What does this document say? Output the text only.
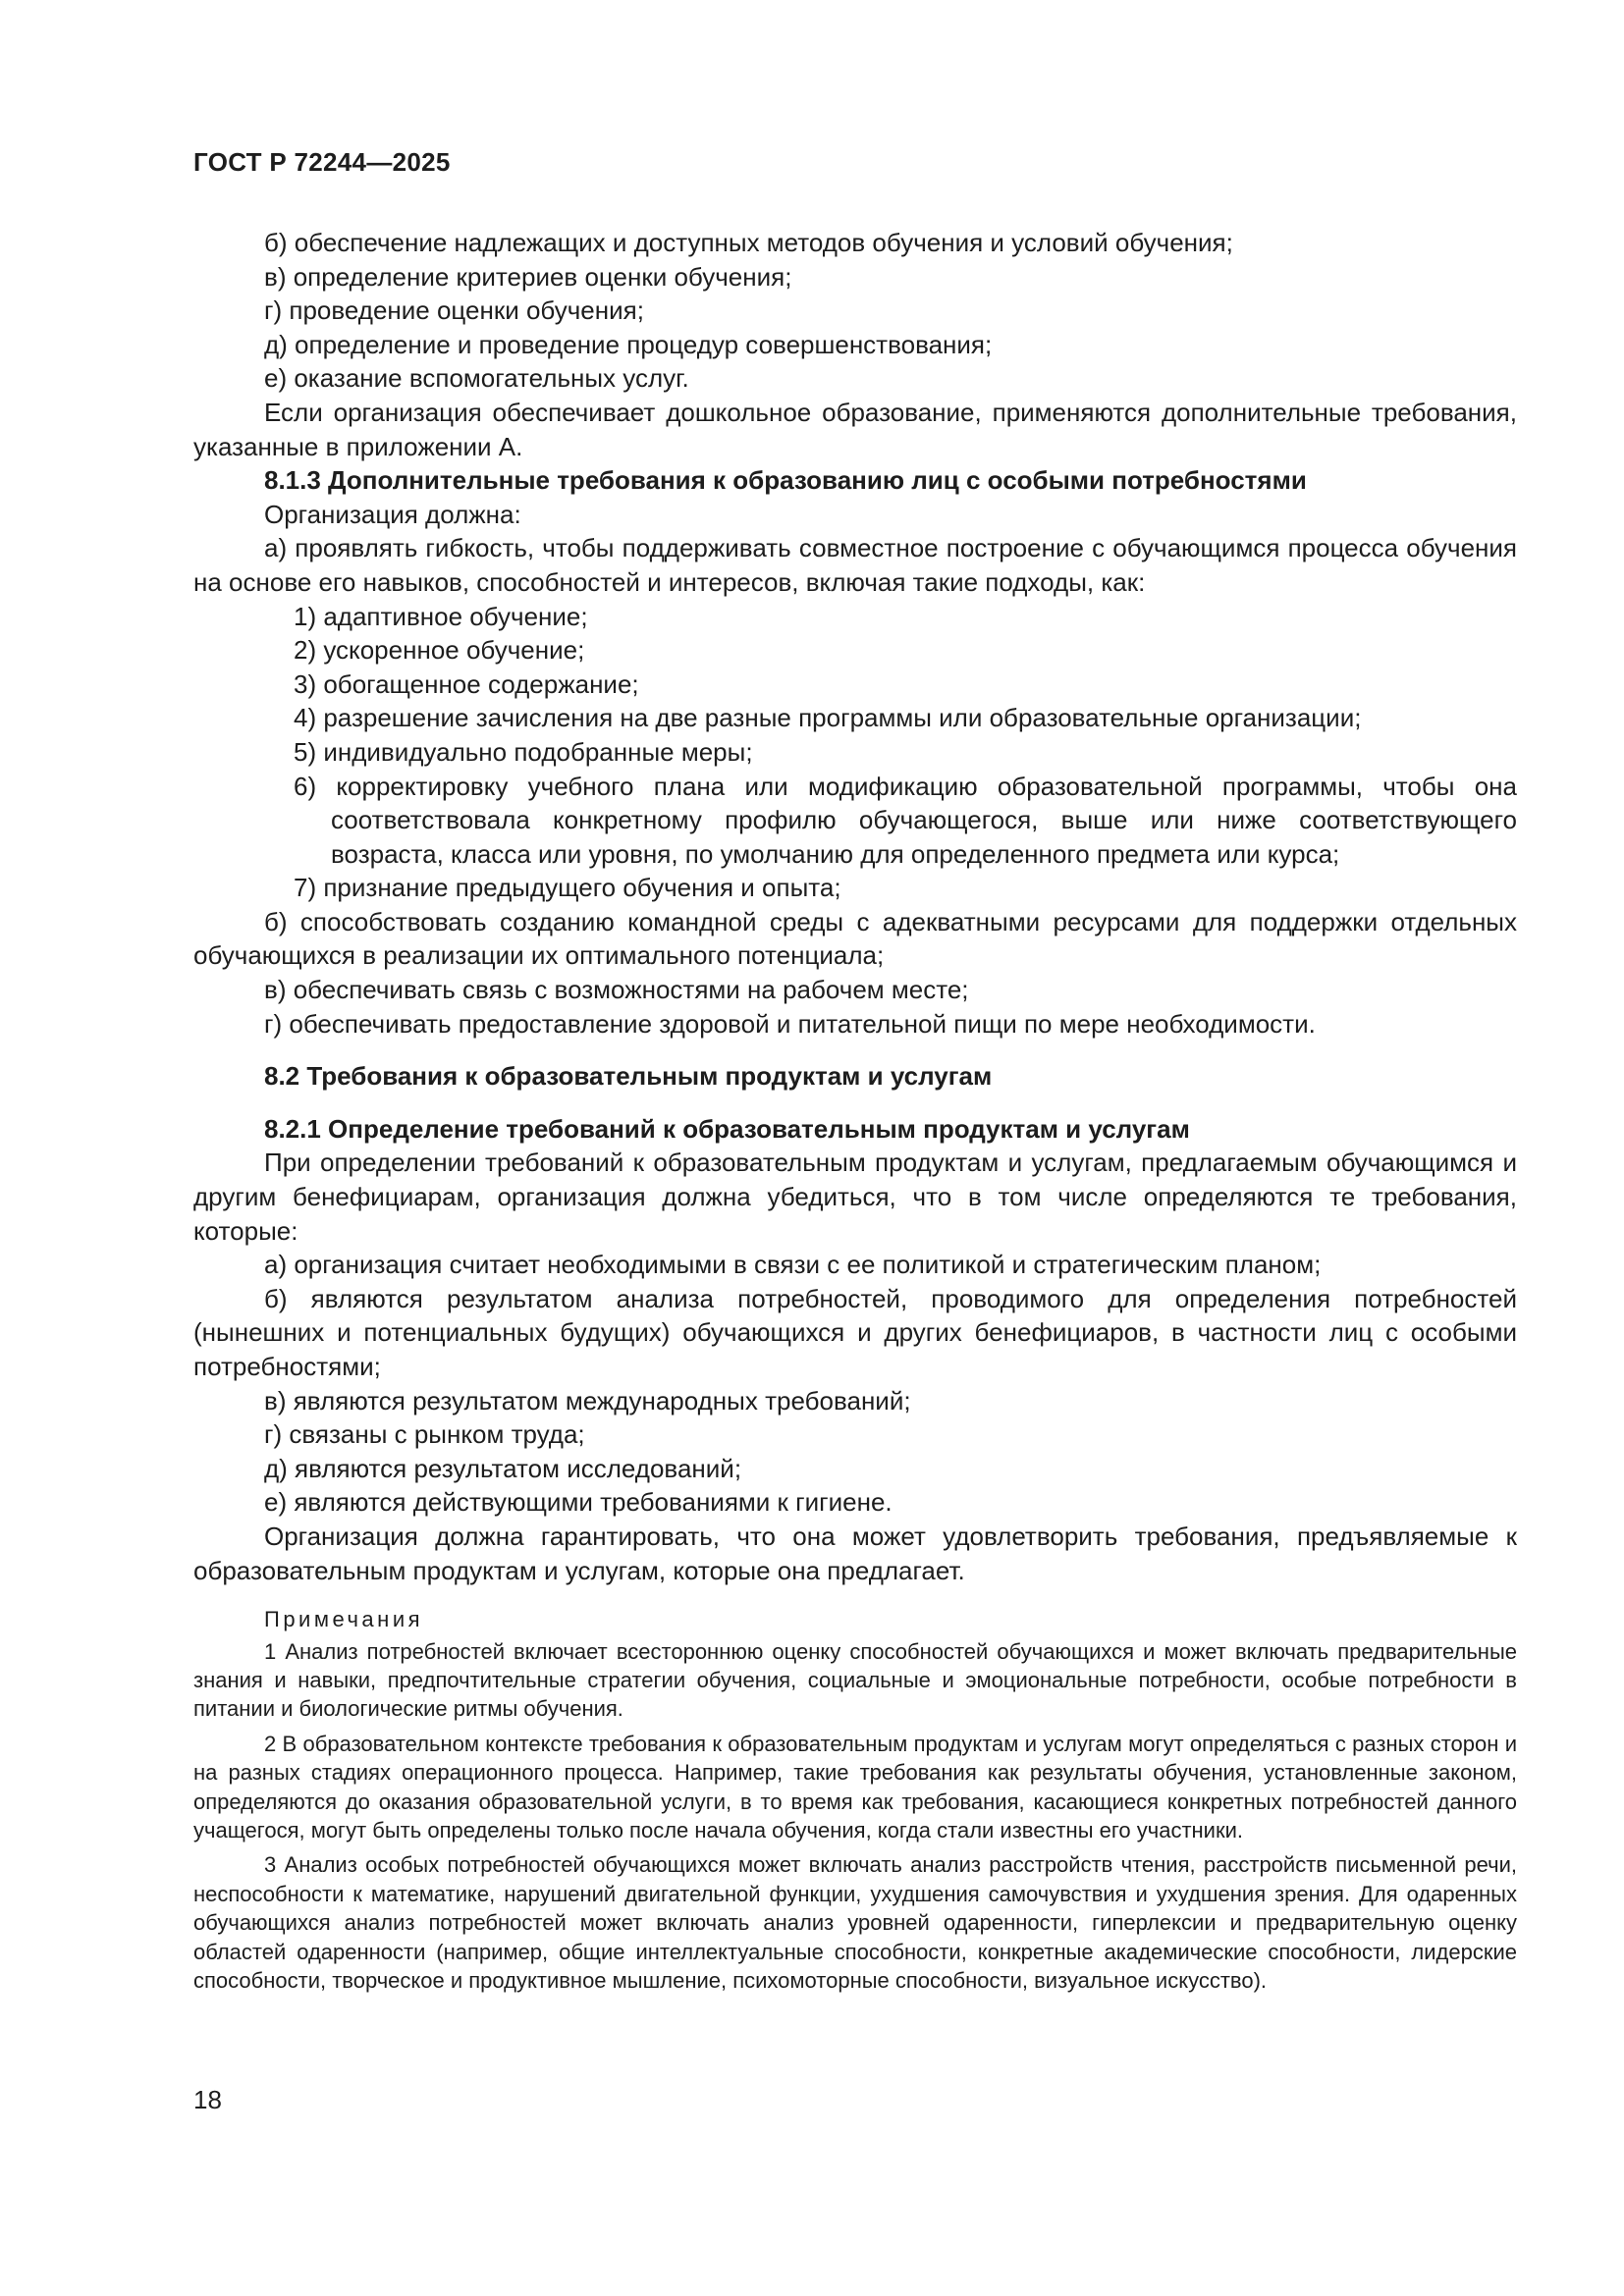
ГОСТ Р 72244—2025

б) обеспечение надлежащих и доступных методов обучения и условий обучения;

в) определение критериев оценки обучения;

г) проведение оценки обучения;

д) определение и проведение процедур совершенствования;

е) оказание вспомогательных услуг.

Если организация обеспечивает дошкольное образование, применяются дополнительные требования, указанные в приложении А.

8.1.3 Дополнительные требования к образованию лиц с особыми потребностями

Организация должна:

а) проявлять гибкость, чтобы поддерживать совместное построение с обучающимся процесса обучения на основе его навыков, способностей и интересов, включая такие подходы, как:

1) адаптивное обучение;

2) ускоренное обучение;

3) обогащенное содержание;

4) разрешение зачисления на две разные программы или образовательные организации;

5) индивидуально подобранные меры;

6) корректировку учебного плана или модификацию образовательной программы, чтобы она соответствовала конкретному профилю обучающегося, выше или ниже соответствующего возраста, класса или уровня, по умолчанию для определенного предмета или курса;

7) признание предыдущего обучения и опыта;

б) способствовать созданию командной среды с адекватными ресурсами для поддержки отдельных обучающихся в реализации их оптимального потенциала;

в) обеспечивать связь с возможностями на рабочем месте;

г) обеспечивать предоставление здоровой и питательной пищи по мере необходимости.

8.2 Требования к образовательным продуктам и услугам

8.2.1 Определение требований к образовательным продуктам и услугам

При определении требований к образовательным продуктам и услугам, предлагаемым обучающимся и другим бенефициарам, организация должна убедиться, что в том числе определяются те требования, которые:

а) организация считает необходимыми в связи с ее политикой и стратегическим планом;

б) являются результатом анализа потребностей, проводимого для определения потребностей (нынешних и потенциальных будущих) обучающихся и других бенефициаров, в частности лиц с особыми потребностями;

в) являются результатом международных требований;

г) связаны с рынком труда;

д) являются результатом исследований;

е) являются действующими требованиями к гигиене.

Организация должна гарантировать, что она может удовлетворить требования, предъявляемые к образовательным продуктам и услугам, которые она предлагает.

Примечания

1 Анализ потребностей включает всестороннюю оценку способностей обучающихся и может включать предварительные знания и навыки, предпочтительные стратегии обучения, социальные и эмоциональные потребности, особые потребности в питании и биологические ритмы обучения.

2 В образовательном контексте требования к образовательным продуктам и услугам могут определяться с разных сторон и на разных стадиях операционного процесса. Например, такие требования как результаты обучения, установленные законом, определяются до оказания образовательной услуги, в то время как требования, касающиеся конкретных потребностей данного учащегося, могут быть определены только после начала обучения, когда стали известны его участники.

3 Анализ особых потребностей обучающихся может включать анализ расстройств чтения, расстройств письменной речи, неспособности к математике, нарушений двигательной функции, ухудшения самочувствия и ухудшения зрения. Для одаренных обучающихся анализ потребностей может включать анализ уровней одаренности, гиперлексии и предварительную оценку областей одаренности (например, общие интеллектуальные способности, конкретные академические способности, лидерские способности, творческое и продуктивное мышление, психомоторные способности, визуальное искусство).

18
